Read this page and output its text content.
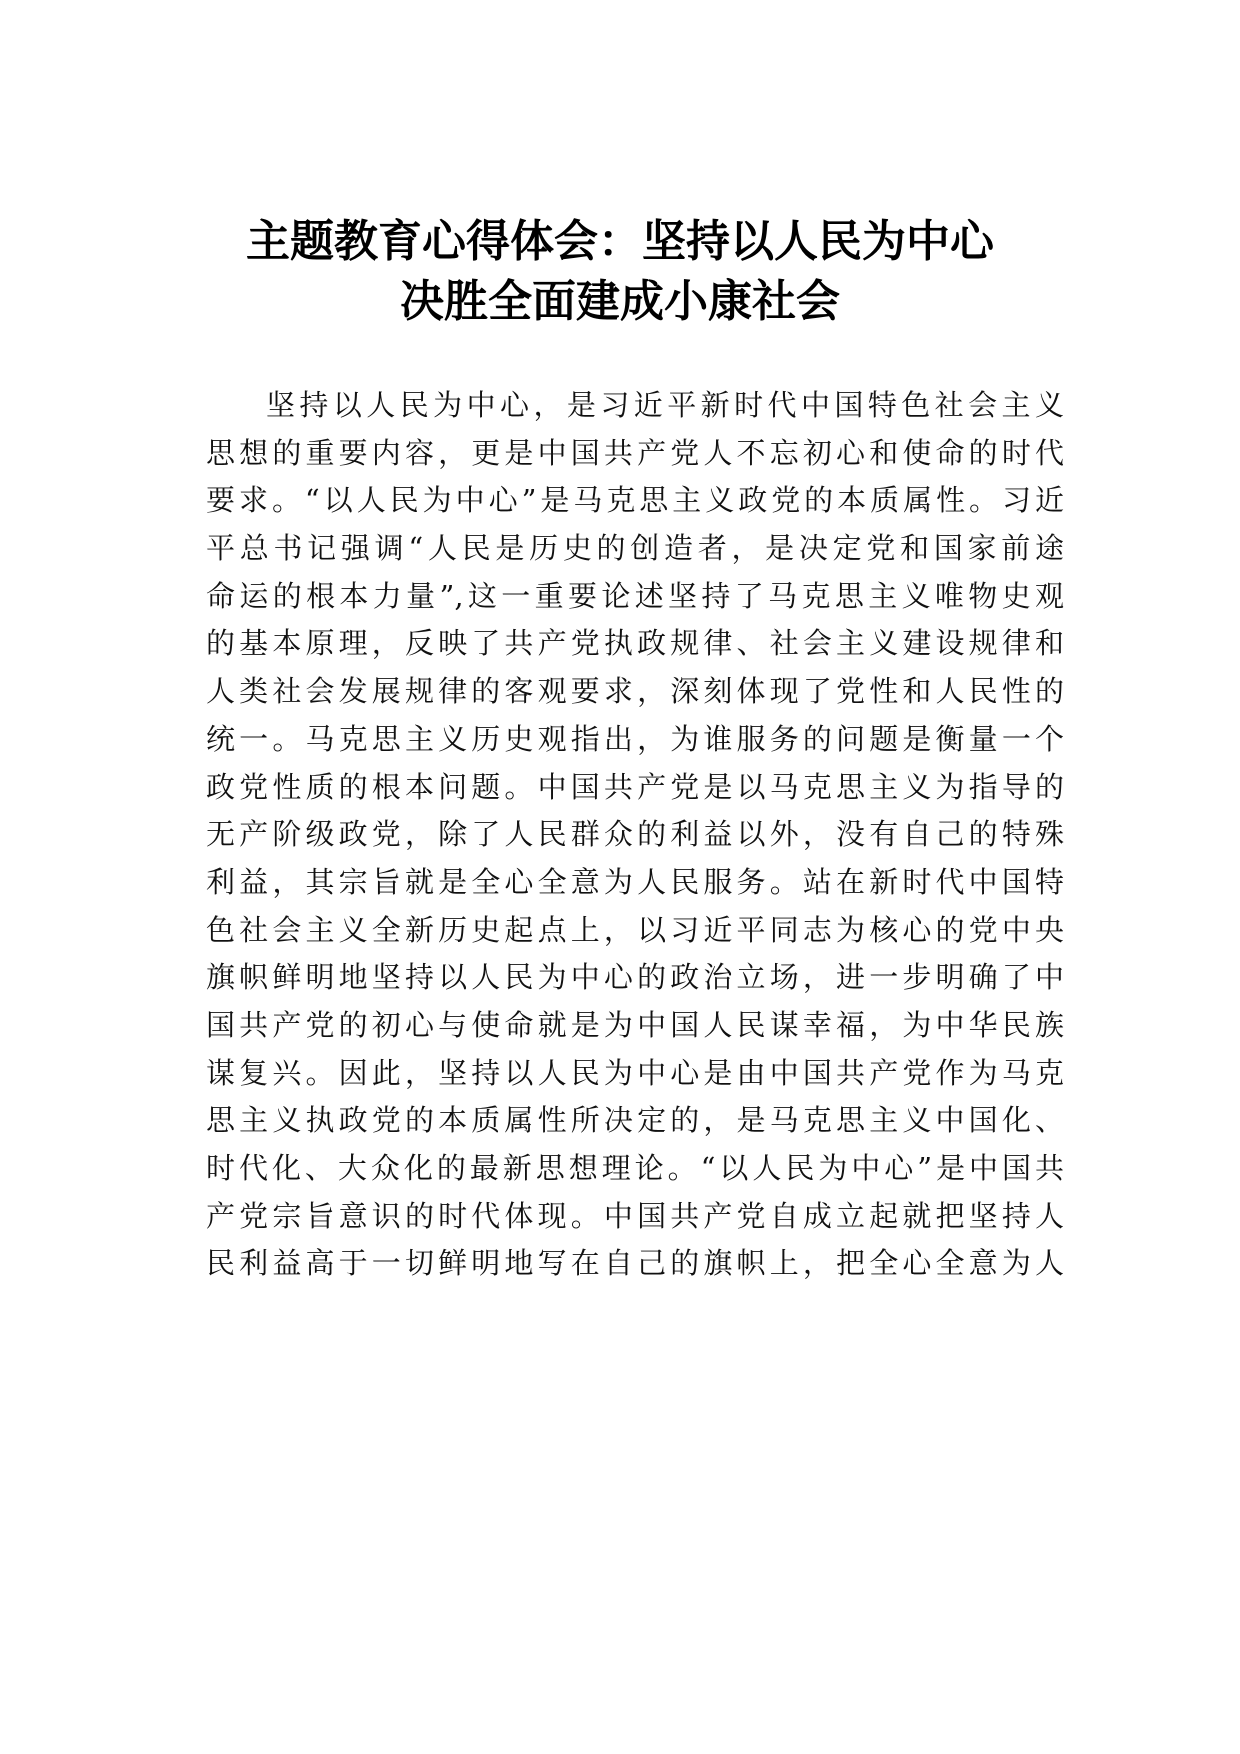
主题教育心得体会：坚持以人民为中心
决胜全面建成小康社会
坚持以人民为中心，是习近平新时代中国特色社会主义
思想的重要内容，更是中国共产党人不忘初心和使命的时代
要求。“以人民为中心”是马克思主义政党的本质属性。习近
平总书记强调“人民是历史的创造者，是决定党和国家前途
命运的根本力量”,这一重要论述坚持了马克思主义唯物史观
的基本原理，反映了共产党执政规律、社会主义建设规律和
人类社会发展规律的客观要求，深刻体现了党性和人民性的
统一。马克思主义历史观指出，为谁服务的问题是衡量一个
政党性质的根本问题。中国共产党是以马克思主义为指导的
无产阶级政党，除了人民群众的利益以外，没有自己的特殊
利益，其宗旨就是全心全意为人民服务。站在新时代中国特
色社会主义全新历史起点上，以习近平同志为核心的党中央
旗帜鲜明地坚持以人民为中心的政治立场，进一步明确了中
国共产党的初心与使命就是为中国人民谋幸福，为中华民族
谋复兴。因此，坚持以人民为中心是由中国共产党作为马克
思主义执政党的本质属性所决定的，是马克思主义中国化、
时代化、大众化的最新思想理论。“以人民为中心”是中国共
产党宗旨意识的时代体现。中国共产党自成立起就把坚持人
民利益高于一切鲜明地写在自己的旗帜上，把全心全意为人
